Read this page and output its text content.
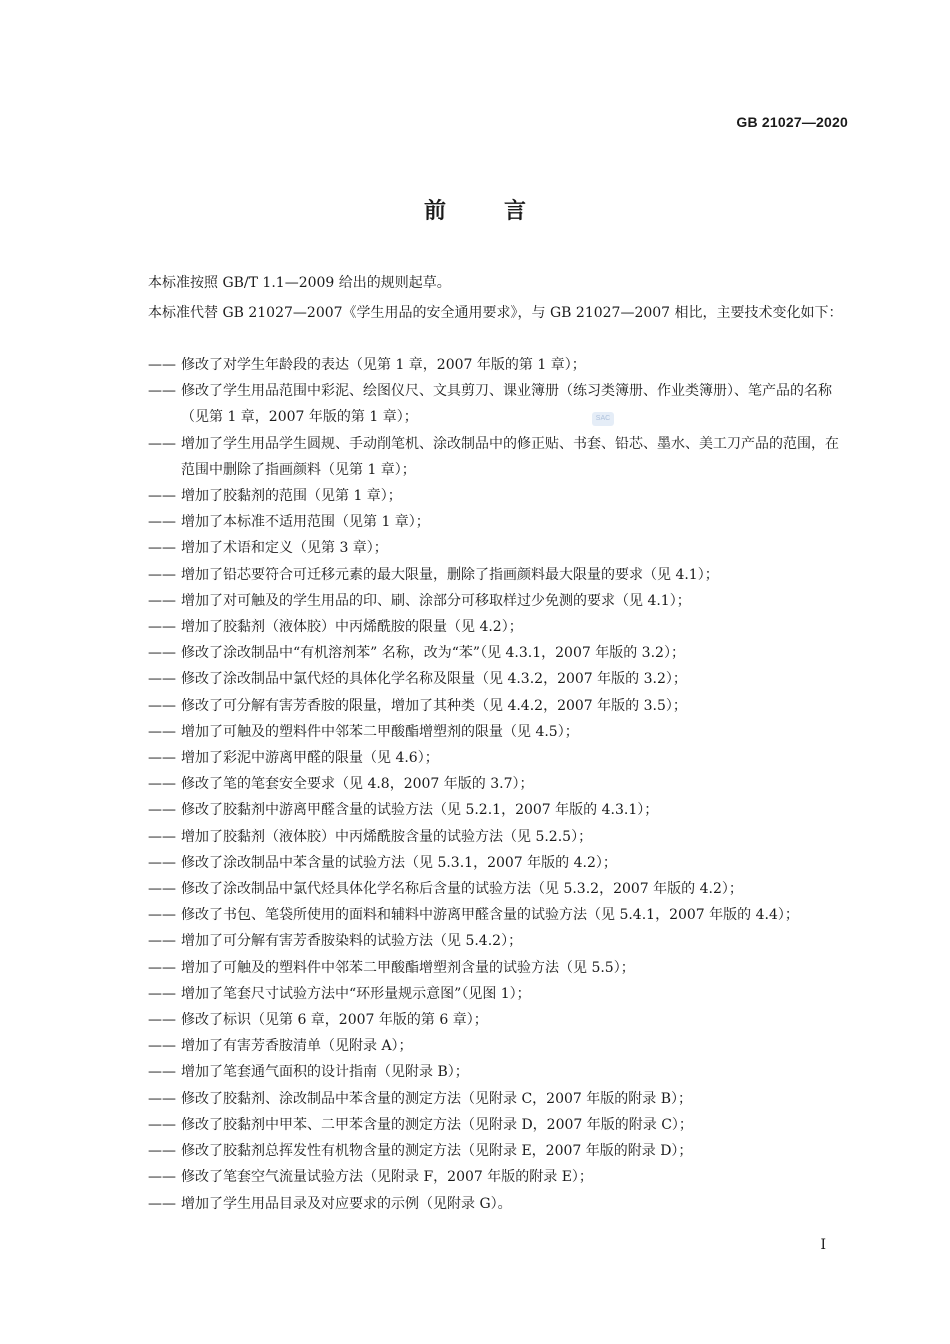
GB 21027—2020
前言

本标准按照 GB/T 1.1—2009 给出的规则起草。

本标准代替 GB 21027—2007《学生用品的安全通用要求》，与 GB 21027—2007 相比，主要技术变化如下：

SAC
—— 修改了对学生年龄段的表达（见第 1 章，2007 年版的第 1 章）；
—— 修改了学生用品范围中彩泥、绘图仪尺、文具剪刀、课业簿册（练习类簿册、作业类簿册）、笔产品的名称（见第 1 章，2007 年版的第 1 章）；
—— 增加了学生用品学生圆规、手动削笔机、涂改制品中的修正贴、书套、铅芯、墨水、美工刀产品的范围，在范围中删除了指画颜料（见第 1 章）；
—— 增加了胶黏剂的范围（见第 1 章）；
—— 增加了本标准不适用范围（见第 1 章）；
—— 增加了术语和定义（见第 3 章）；
—— 增加了铅芯要符合可迁移元素的最大限量，删除了指画颜料最大限量的要求（见 4.1）；
—— 增加了对可触及的学生用品的印、刷、涂部分可移取样过少免测的要求（见 4.1）；
—— 增加了胶黏剂（液体胶）中丙烯酰胺的限量（见 4.2）；
—— 修改了涂改制品中“有机溶剂苯” 名称，改为“苯”（见 4.3.1，2007 年版的 3.2）；
—— 修改了涂改制品中氯代烃的具体化学名称及限量（见 4.3.2，2007 年版的 3.2）；
—— 修改了可分解有害芳香胺的限量，增加了其种类（见 4.4.2，2007 年版的 3.5）；
—— 增加了可触及的塑料件中邻苯二甲酸酯增塑剂的限量（见 4.5）；
—— 增加了彩泥中游离甲醛的限量（见 4.6）；
—— 修改了笔的笔套安全要求（见 4.8，2007 年版的 3.7）；
—— 修改了胶黏剂中游离甲醛含量的试验方法（见 5.2.1，2007 年版的 4.3.1）；
—— 增加了胶黏剂（液体胶）中丙烯酰胺含量的试验方法（见 5.2.5）；
—— 修改了涂改制品中苯含量的试验方法（见 5.3.1，2007 年版的 4.2）；
—— 修改了涂改制品中氯代烃具体化学名称后含量的试验方法（见 5.3.2，2007 年版的 4.2）；
—— 修改了书包、笔袋所使用的面料和辅料中游离甲醛含量的试验方法（见 5.4.1，2007 年版的 4.4）；
—— 增加了可分解有害芳香胺染料的试验方法（见 5.4.2）；
—— 增加了可触及的塑料件中邻苯二甲酸酯增塑剂含量的试验方法（见 5.5）；
—— 增加了笔套尺寸试验方法中“环形量规示意图”（见图 1）；
—— 修改了标识（见第 6 章，2007 年版的第 6 章）；
—— 增加了有害芳香胺清单（见附录 A）；
—— 增加了笔套通气面积的设计指南（见附录 B）；
—— 修改了胶黏剂、涂改制品中苯含量的测定方法（见附录 C，2007 年版的附录 B）；
—— 修改了胶黏剂中甲苯、二甲苯含量的测定方法（见附录 D，2007 年版的附录 C）；
—— 修改了胶黏剂总挥发性有机物含量的测定方法（见附录 E，2007 年版的附录 D）；
—— 修改了笔套空气流量试验方法（见附录 F，2007 年版的附录 E）；
—— 增加了学生用品目录及对应要求的示例（见附录 G）。
I
